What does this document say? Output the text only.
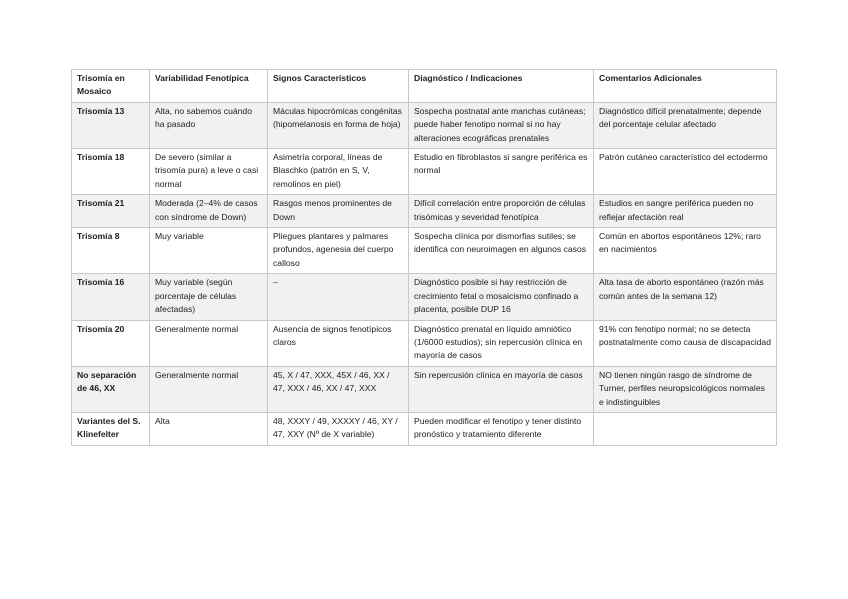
Trisomía en Mosaico	Variabilidad Fenotípica	Signos Característicos	Diagnóstico / Indicaciones	Comentarios Adicionales
Trisomía 13	Alta, no sabemos cuándo ha pasado	Máculas hipocrómicas congénitas (hipomelanosis en forma de hoja)	Sospecha postnatal ante manchas cutáneas; puede haber fenotipo normal si no hay alteraciones ecográficas prenatales	Diagnóstico difícil prenatalmente; depende del porcentaje celular afectado
Trisomía 18	De severo (similar a trisomía pura) a leve o casi normal	Asimetría corporal, líneas de Blaschko (patrón en S, V, remolinos en piel)	Estudio en fibroblastos si sangre periférica es normal	Patrón cutáneo característico del ectodermo
Trisomía 21	Moderada (2–4% de casos con síndrome de Down)	Rasgos menos prominentes de Down	Difícil correlación entre proporción de células trisómicas y severidad fenotípica	Estudios en sangre periférica pueden no reflejar afectación real
Trisomía 8	Muy variable	Pliegues plantares y palmares profundos, agenesia del cuerpo calloso	Sospecha clínica por dismorfias sutiles; se identifica con neuroimagen en algunos casos	Común en abortos espontáneos 12%; raro en nacimientos
Trisomía 16	Muy variable (según porcentaje de células afectadas)	–	Diagnóstico posible si hay restricción de crecimiento fetal o mosaicismo confinado a placenta, posible DUP 16	Alta tasa de aborto espontáneo (razón más común antes de la semana 12)
Trisomía 20	Generalmente normal	Ausencia de signos fenotípicos claros	Diagnóstico prenatal en líquido amniótico (1/6000 estudios); sin repercusión clínica en mayoría de casos	91% con fenotipo normal; no se detecta postnatalmente como causa de discapacidad
No separación de 46, XX	Generalmente normal	45, X / 47, XXX, 45X / 46, XX / 47, XXX / 46, XX / 47, XXX	Sin repercusión clínica en mayoría de casos	NO tienen ningún rasgo de síndrome de Turner, perfiles neuropsicológicos normales e indistinguibles
Variantes del S. Klinefelter	Alta	48, XXXY / 49, XXXXY / 46, XY / 47, XXY (Nº de X variable)	Pueden modificar el fenotipo y tener distinto pronóstico y tratamiento diferente	
